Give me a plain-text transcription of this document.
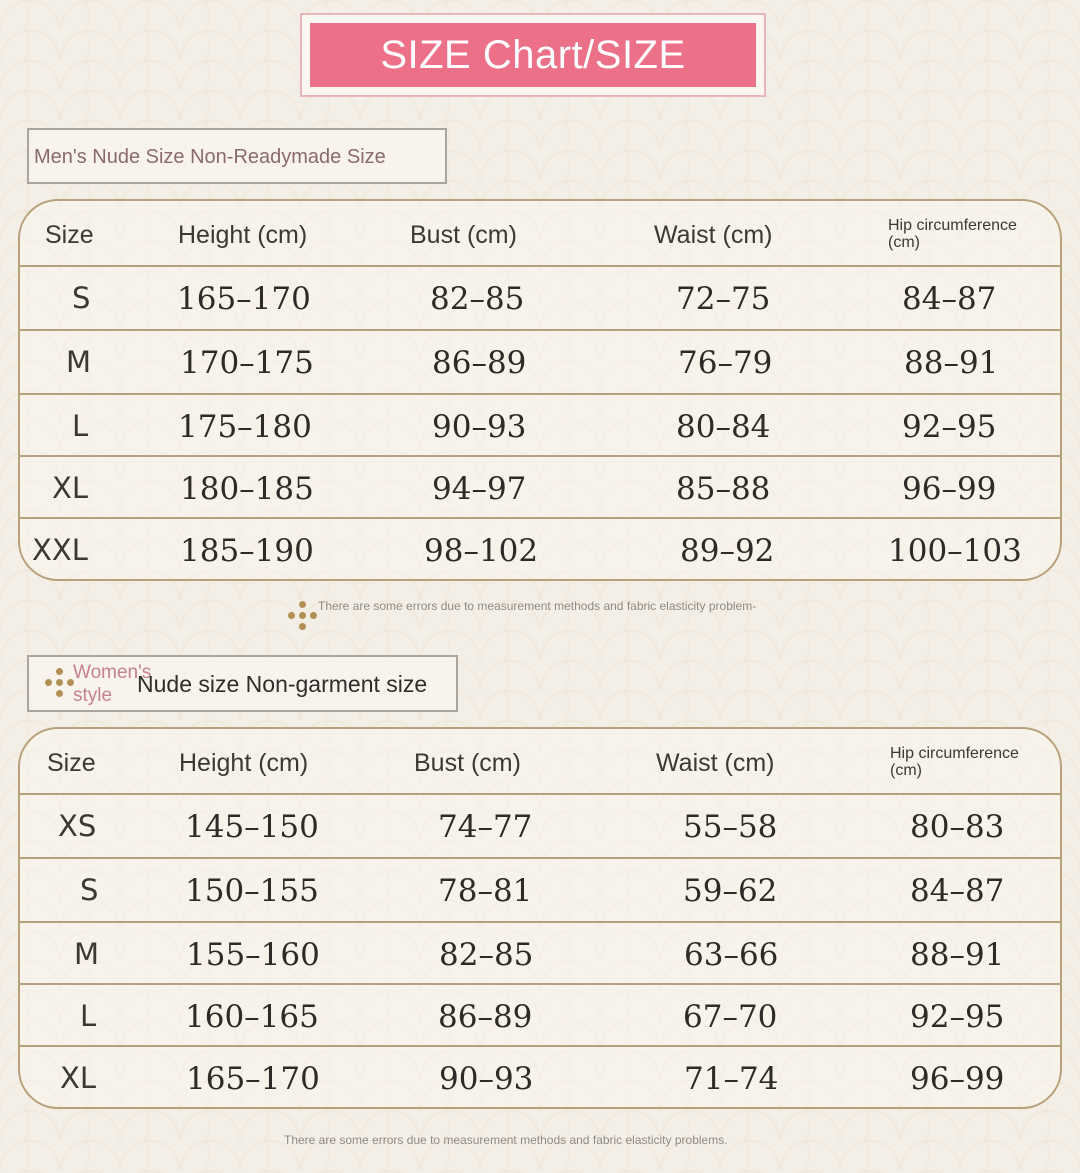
SIZE Chart/SIZE
Men's Nude Size Non-Readymade Size
Size	Height (cm)	Bust (cm)	Waist (cm)	Hip circumference
(cm)
S	165–170	82–85	72–75	84–87
M	170–175	86–89	76–79	88–91
L	175–180	90–93	80–84	92–95
XL	180–185	94–97	85–88	96–99
XXL	185–190	98–102	89–92	100–103
There are some errors due to measurement methods and fabric elasticity problem-
Women's
style	Nude size Non-garment size
Size	Height (cm)	Bust (cm)	Waist (cm)	Hip circumference
(cm)
XS	145–150	74–77	55–58	80–83
S	150–155	78–81	59–62	84–87
M	155–160	82–85	63–66	88–91
L	160–165	86–89	67–70	92–95
XL	165–170	90–93	71–74	96–99
There are some errors due to measurement methods and fabric elasticity problems.
